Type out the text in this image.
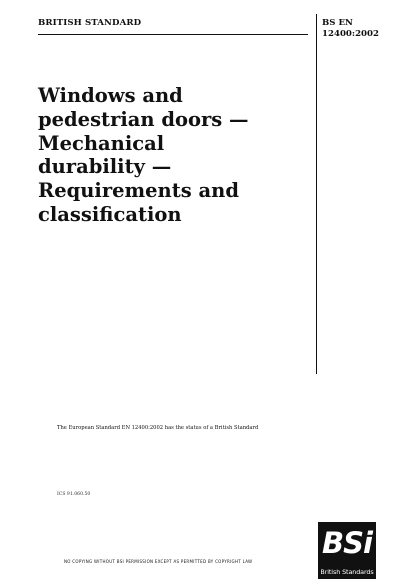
BRITISH STANDARD	BS EN
12400:2002
Windows and
pedestrian doors —
Mechanical
durability —
Requirements and
classification
The European Standard EN 12400:2002 has the status of a British Standard
ICS 91.060.50
NO COPYING WITHOUT BSI PERMISSION EXCEPT AS PERMITTED BY COPYRIGHT LAW
BSi
British Standards
